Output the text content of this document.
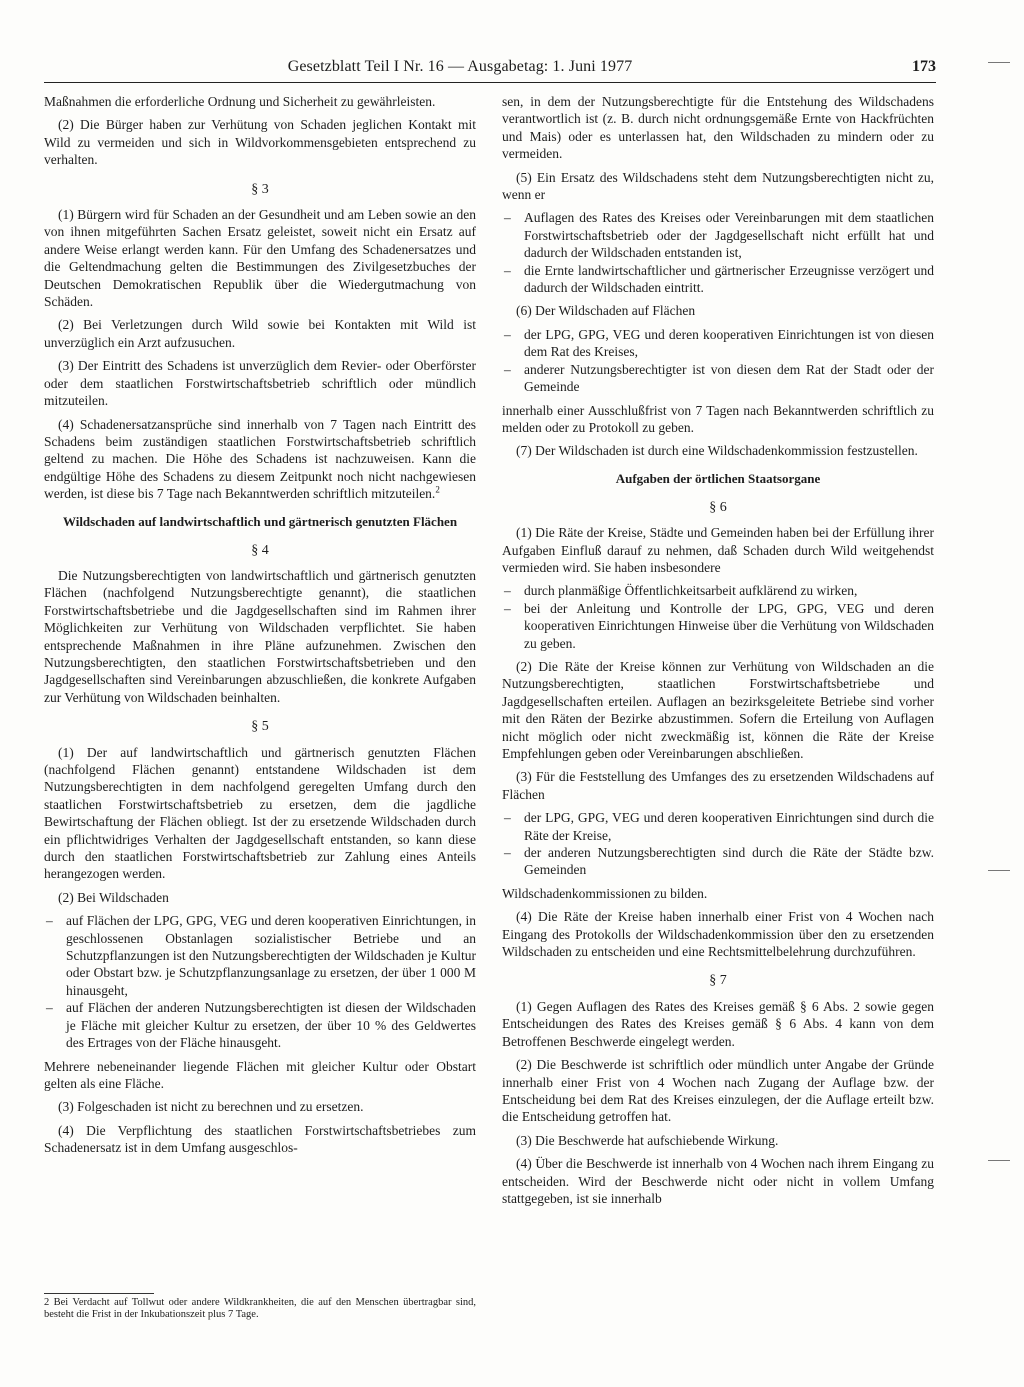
Gesetzblatt Teil I Nr. 16 — Ausgabetag: 1. Juni 1977	173

Maßnahmen die erforderliche Ordnung und Sicherheit zu gewährleisten.

(2) Die Bürger haben zur Verhütung von Schaden jeglichen Kontakt mit Wild zu vermeiden und sich in Wildvorkommensgebieten entsprechend zu verhalten.

§ 3

(1) Bürgern wird für Schaden an der Gesundheit und am Leben sowie an den von ihnen mitgeführten Sachen Ersatz geleistet, soweit nicht ein Ersatz auf andere Weise erlangt werden kann. Für den Umfang des Schadenersatzes und die Geltendmachung gelten die Bestimmungen des Zivilgesetzbuches der Deutschen Demokratischen Republik über die Wiedergutmachung von Schäden.

(2) Bei Verletzungen durch Wild sowie bei Kontakten mit Wild ist unverzüglich ein Arzt aufzusuchen.

(3) Der Eintritt des Schadens ist unverzüglich dem Revier- oder Oberförster oder dem staatlichen Forstwirtschaftsbetrieb schriftlich oder mündlich mitzuteilen.

(4) Schadenersatzansprüche sind innerhalb von 7 Tagen nach Eintritt des Schadens beim zuständigen staatlichen Forstwirtschaftsbetrieb schriftlich geltend zu machen. Die Höhe des Schadens ist nachzuweisen. Kann die endgültige Höhe des Schadens zu diesem Zeitpunkt noch nicht nachgewiesen werden, ist diese bis 7 Tage nach Bekanntwerden schriftlich mitzuteilen.$^2$

Wildschaden auf landwirtschaftlich und gärtnerisch genutzten Flächen
§ 4

Die Nutzungsberechtigten von landwirtschaftlich und gärtnerisch genutzten Flächen (nachfolgend Nutzungsberechtigte genannt), die staatlichen Forstwirtschaftsbetriebe und die Jagdgesellschaften sind im Rahmen ihrer Möglichkeiten zur Verhütung von Wildschaden verpflichtet. Sie haben entsprechende Maßnahmen in ihre Pläne aufzunehmen. Zwischen den Nutzungsberechtigten, den staatlichen Forstwirtschaftsbetrieben und den Jagdgesellschaften sind Vereinbarungen abzuschließen, die konkrete Aufgaben zur Verhütung von Wildschaden beinhalten.

§ 5

(1) Der auf landwirtschaftlich und gärtnerisch genutzten Flächen (nachfolgend Flächen genannt) entstandene Wildschaden ist dem Nutzungsberechtigten in dem nachfolgend geregelten Umfang durch den staatlichen Forstwirtschaftsbetrieb zu ersetzen, dem die jagdliche Bewirtschaftung der Flächen obliegt. Ist der zu ersetzende Wildschaden durch ein pflichtwidriges Verhalten der Jagdgesellschaft entstanden, so kann diese durch den staatlichen Forstwirtschaftsbetrieb zur Zahlung eines Anteils herangezogen werden.

(2) Bei Wildschaden

– auf Flächen der LPG, GPG, VEG und deren kooperativen Einrichtungen, in geschlossenen Obstanlagen sozialistischer Betriebe und an Schutzpflanzungen ist den Nutzungsberechtigten der Wildschaden je Kultur oder Obstart bzw. je Schutzpflanzungsanlage zu ersetzen, der über 1 000 M hinausgeht,
– auf Flächen der anderen Nutzungsberechtigten ist diesen der Wildschaden je Fläche mit gleicher Kultur zu ersetzen, der über 10 % des Geldwertes des Ertrages von der Fläche hinausgeht.

Mehrere nebeneinander liegende Flächen mit gleicher Kultur oder Obstart gelten als eine Fläche.

(3) Folgeschaden ist nicht zu berechnen und zu ersetzen.

(4) Die Verpflichtung des staatlichen Forstwirtschaftsbetriebes zum Schadenersatz ist in dem Umfang ausgeschlos-

2 Bei Verdacht auf Tollwut oder andere Wildkrankheiten, die auf den Menschen übertragbar sind, besteht die Frist in der Inkubationszeit plus 7 Tage.

sen, in dem der Nutzungsberechtigte für die Entstehung des Wildschadens verantwortlich ist (z. B. durch nicht ordnungsgemäße Ernte von Hackfrüchten und Mais) oder es unterlassen hat, den Wildschaden zu mindern oder zu vermeiden.

(5) Ein Ersatz des Wildschadens steht dem Nutzungsberechtigten nicht zu, wenn er

– Auflagen des Rates des Kreises oder Vereinbarungen mit dem staatlichen Forstwirtschaftsbetrieb oder der Jagdgesellschaft nicht erfüllt hat und dadurch der Wildschaden entstanden ist,
– die Ernte landwirtschaftlicher und gärtnerischer Erzeugnisse verzögert und dadurch der Wildschaden eintritt.

(6) Der Wildschaden auf Flächen

– der LPG, GPG, VEG und deren kooperativen Einrichtungen ist von diesen dem Rat des Kreises,
– anderer Nutzungsberechtigter ist von diesen dem Rat der Stadt oder der Gemeinde

innerhalb einer Ausschlußfrist von 7 Tagen nach Bekanntwerden schriftlich zu melden oder zu Protokoll zu geben.

(7) Der Wildschaden ist durch eine Wildschadenkommission festzustellen.

Aufgaben der örtlichen Staatsorgane
§ 6

(1) Die Räte der Kreise, Städte und Gemeinden haben bei der Erfüllung ihrer Aufgaben Einfluß darauf zu nehmen, daß Schaden durch Wild weitgehendst vermieden wird. Sie haben insbesondere

– durch planmäßige Öffentlichkeitsarbeit aufklärend zu wirken,
– bei der Anleitung und Kontrolle der LPG, GPG, VEG und deren kooperativen Einrichtungen Hinweise über die Verhütung von Wildschaden zu geben.

(2) Die Räte der Kreise können zur Verhütung von Wildschaden an die Nutzungsberechtigten, staatlichen Forstwirtschaftsbetriebe und Jagdgesellschaften erteilen. Auflagen an bezirksgeleitete Betriebe sind vorher mit den Räten der Bezirke abzustimmen. Sofern die Erteilung von Auflagen nicht möglich oder nicht zweckmäßig ist, können die Räte der Kreise Empfehlungen geben oder Vereinbarungen abschließen.

(3) Für die Feststellung des Umfanges des zu ersetzenden Wildschadens auf Flächen

– der LPG, GPG, VEG und deren kooperativen Einrichtungen sind durch die Räte der Kreise,
– der anderen Nutzungsberechtigten sind durch die Räte der Städte bzw. Gemeinden

Wildschadenkommissionen zu bilden.

(4) Die Räte der Kreise haben innerhalb einer Frist von 4 Wochen nach Eingang des Protokolls der Wildschadenkommission über den zu ersetzenden Wildschaden zu entscheiden und eine Rechtsmittelbelehrung durchzuführen.

§ 7

(1) Gegen Auflagen des Rates des Kreises gemäß § 6 Abs. 2 sowie gegen Entscheidungen des Rates des Kreises gemäß § 6 Abs. 4 kann von dem Betroffenen Beschwerde eingelegt werden.

(2) Die Beschwerde ist schriftlich oder mündlich unter Angabe der Gründe innerhalb einer Frist von 4 Wochen nach Zugang der Auflage bzw. der Entscheidung bei dem Rat des Kreises einzulegen, der die Auflage erteilt bzw. die Entscheidung getroffen hat.

(3) Die Beschwerde hat aufschiebende Wirkung.

(4) Über die Beschwerde ist innerhalb von 4 Wochen nach ihrem Eingang zu entscheiden. Wird der Beschwerde nicht oder nicht in vollem Umfang stattgegeben, ist sie innerhalb
